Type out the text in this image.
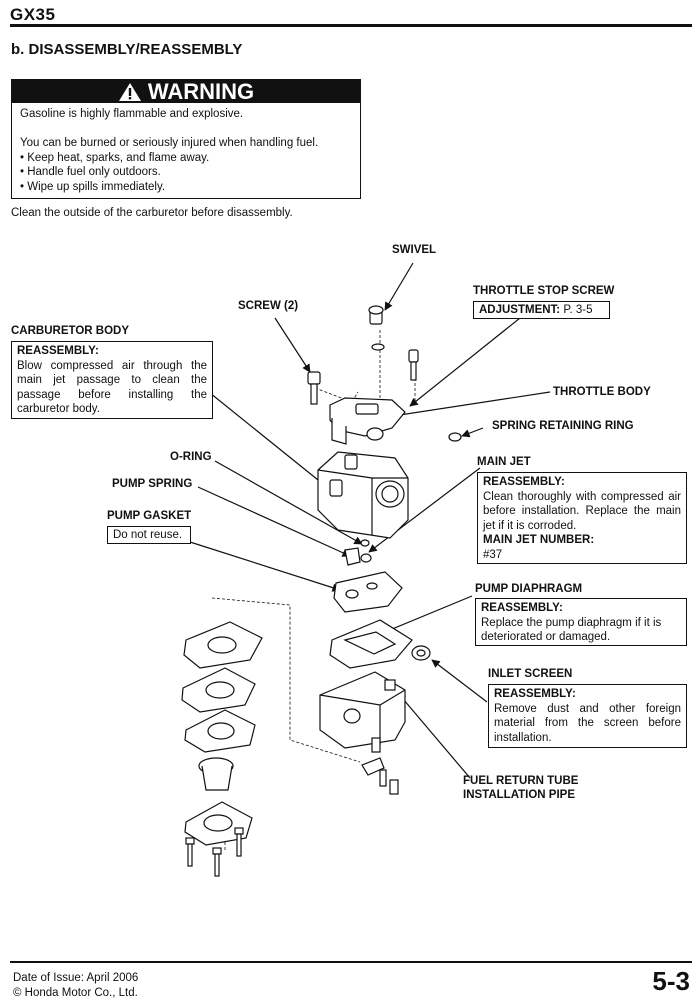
GX35
b. DISASSEMBLY/REASSEMBLY
WARNING

Gasoline is highly flammable and explosive.

You can be burned or seriously injured when handling fuel.

• Keep heat, sparks, and flame away.

• Handle fuel only outdoors.

• Wipe up spills immediately.

Clean the outside of the carburetor before disassembly.
SWIVEL
THROTTLE STOP SCREW
ADJUSTMENT: P. 3-5
SCREW (2)
CARBURETOR BODY
REASSEMBLY:
Blow compressed air through the main jet passage to clean the passage before installing the carburetor body.
THROTTLE BODY
SPRING RETAINING RING
O-RING	MAIN JET
REASSEMBLY:
Clean thoroughly with compressed air before installation. Replace the main jet if it is corroded.
MAIN JET NUMBER:
#37
PUMP SPRING
PUMP GASKET
Do not reuse.
PUMP DIAPHRAGM
REASSEMBLY:
Replace the pump diaphragm if it is deteriorated or damaged.
INLET SCREEN
REASSEMBLY:
Remove dust and other foreign material from the screen before installation.
FUEL RETURN TUBE
INSTALLATION PIPE
Date of Issue: April 2006
© Honda Motor Co., Ltd.	5-3
